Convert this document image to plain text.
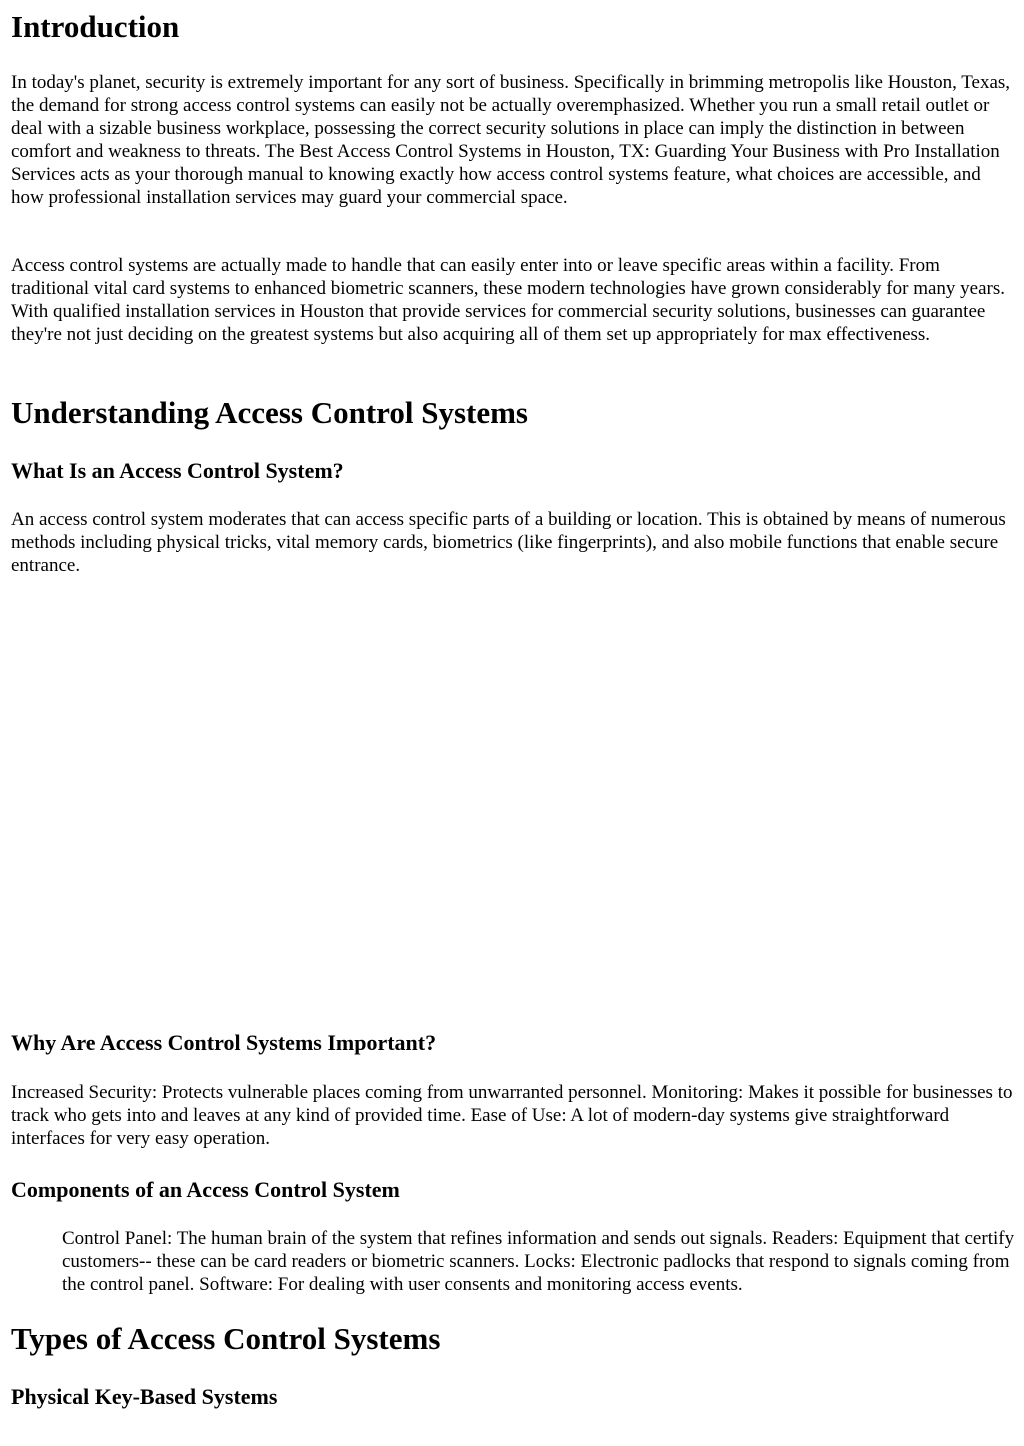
Introduction

In today's planet, security is extremely important for any sort of business. Specifically in brimming metropolis like Houston, Texas, the demand for strong access control systems can easily not be actually overemphasized. Whether you run a small retail outlet or deal with a sizable business workplace, possessing the correct security solutions in place can imply the distinction in between comfort and weakness to threats. The Best Access Control Systems in Houston, TX: Guarding Your Business with Pro Installation Services acts as your thorough manual to knowing exactly how access control systems feature, what choices are accessible, and how professional installation services may guard your commercial space.

Access control systems are actually made to handle that can easily enter into or leave specific areas within a facility. From traditional vital card systems to enhanced biometric scanners, these modern technologies have grown considerably for many years. With qualified installation services in Houston that provide services for commercial security solutions, businesses can guarantee they're not just deciding on the greatest systems but also acquiring all of them set up appropriately for max effectiveness.

Understanding Access Control Systems
What Is an Access Control System?

An access control system moderates that can access specific parts of a building or location. This is obtained by means of numerous methods including physical tricks, vital memory cards, biometrics (like fingerprints), and also mobile functions that enable secure entrance.

Why Are Access Control Systems Important?

Increased Security: Protects vulnerable places coming from unwarranted personnel. Monitoring: Makes it possible for businesses to track who gets into and leaves at any kind of provided time. Ease of Use: A lot of modern-day systems give straightforward interfaces for very easy operation.

Components of an Access Control System
Control Panel: The human brain of the system that refines information and sends out signals. Readers: Equipment that certify customers-- these can be card readers or biometric scanners. Locks: Electronic padlocks that respond to signals coming from the control panel. Software: For dealing with user consents and monitoring access events.
Types of Access Control Systems
Physical Key-Based Systems
